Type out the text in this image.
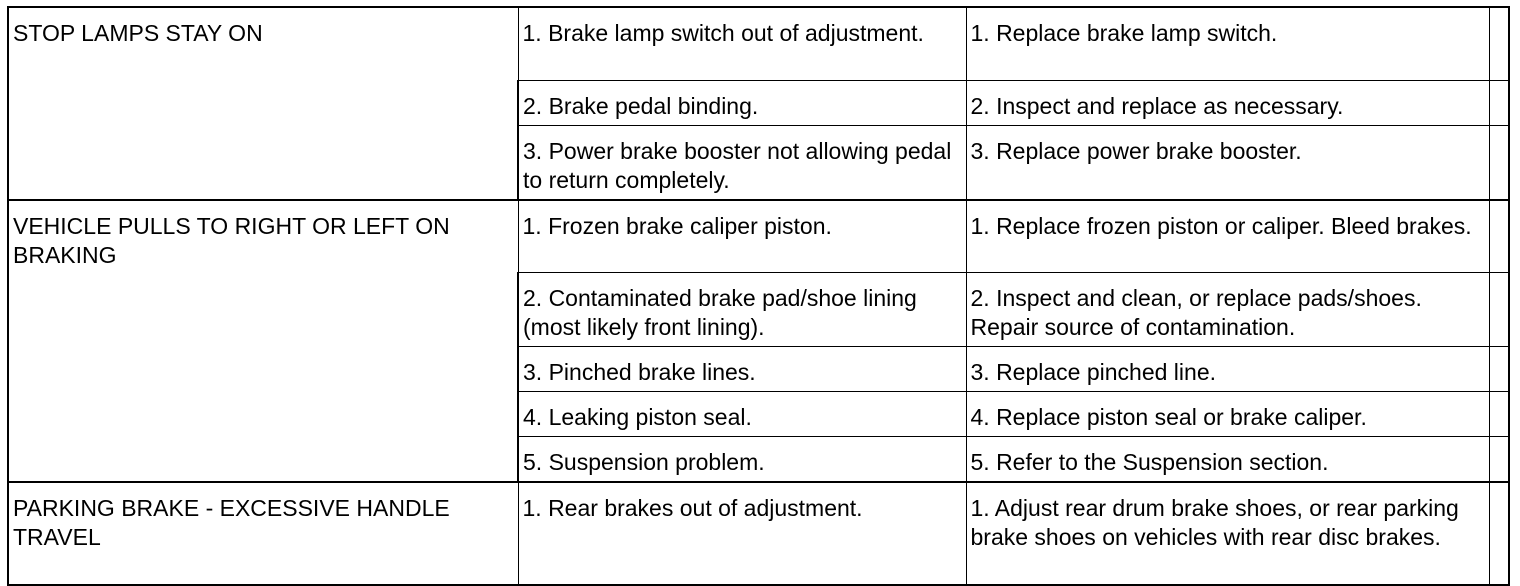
STOP LAMPS STAY ON	1. Brake lamp switch out of adjustment.	1. Replace brake lamp switch.	
	2. Brake pedal binding.	2. Inspect and replace as necessary.	
	3. Power brake booster not allowing pedal to return completely.	3. Replace power brake booster.	
VEHICLE PULLS TO RIGHT OR LEFT ON BRAKING	1. Frozen brake caliper piston.	1. Replace frozen piston or caliper. Bleed brakes.	
	2. Contaminated brake pad/shoe lining (most likely front lining).	2. Inspect and clean, or replace pads/shoes. Repair source of contamination.	
	3. Pinched brake lines.	3. Replace pinched line.	
	4. Leaking piston seal.	4. Replace piston seal or brake caliper.	
	5. Suspension problem.	5. Refer to the Suspension section.	
PARKING BRAKE - EXCESSIVE HANDLE TRAVEL	1. Rear brakes out of adjustment.	1. Adjust rear drum brake shoes, or rear parking brake shoes on vehicles with rear disc brakes.	
